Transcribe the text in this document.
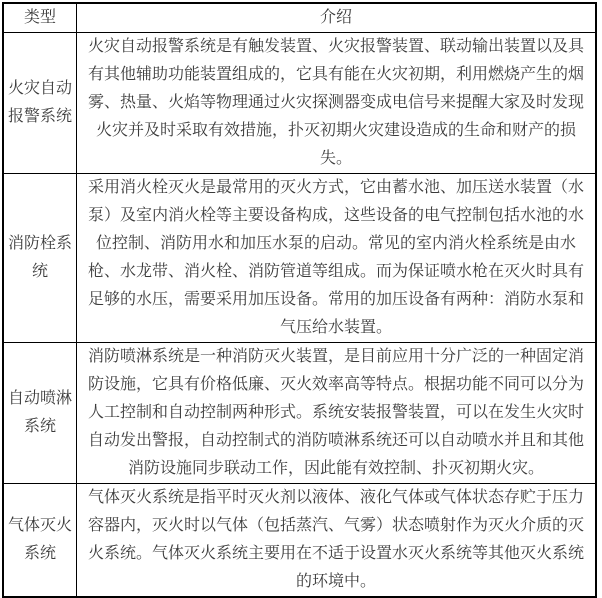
类型	介绍
火灾自动报警系统	火灾自动报警系统是有触发装置、火灾报警装置、联动输出装置以及具有其他辅助功能装置组成的，它具有能在火灾初期，利用燃烧产生的烟雾、热量、火焰等物理通过火灾探测器变成电信号来提醒大家及时发现火灾并及时采取有效措施，扑灭初期火灾建设造成的生命和财产的损失。
消防栓系统	采用消火栓灭火是最常用的灭火方式，它由蓄水池、加压送水装置（水泵）及室内消火栓等主要设备构成，这些设备的电气控制包括水池的水位控制、消防用水和加压水泵的启动。常见的室内消火栓系统是由水枪、水龙带、消火栓、消防管道等组成。而为保证喷水枪在灭火时具有足够的水压，需要采用加压设备。常用的加压设备有两种：消防水泵和气压给水装置。
自动喷淋系统	消防喷淋系统是一种消防灭火装置，是目前应用十分广泛的一种固定消防设施，它具有价格低廉、灭火效率高等特点。根据功能不同可以分为人工控制和自动控制两种形式。系统安装报警装置，可以在发生火灾时自动发出警报，自动控制式的消防喷淋系统还可以自动喷水并且和其他消防设施同步联动工作，因此能有效控制、扑灭初期火灾。
气体灭火系统	气体灭火系统是指平时灭火剂以液体、液化气体或气体状态存贮于压力容器内，灭火时以气体（包括蒸汽、气雾）状态喷射作为灭火介质的灭火系统。气体灭火系统主要用在不适于设置水灭火系统等其他灭火系统的环境中。
